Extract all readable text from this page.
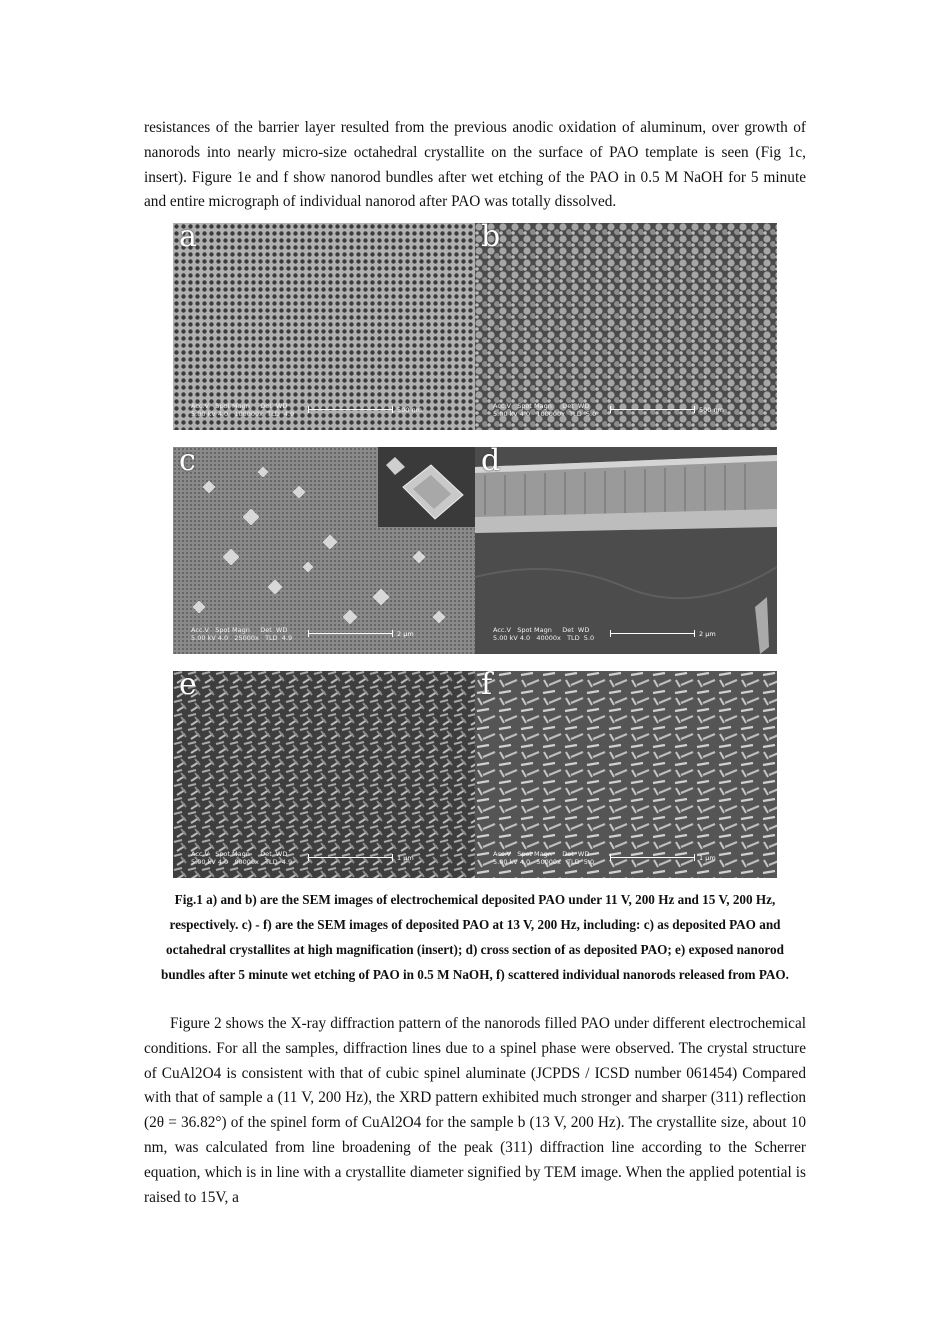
resistances of the barrier layer resulted from the previous anodic oxidation of aluminum, over growth of nanorods into nearly micro-size octahedral crystallite on the surface of PAO template is seen (Fig 1c, insert). Figure 1e and f show nanorod bundles after wet etching of the PAO in 0.5 M NaOH for 5 minute and entire micrograph of individual nanorod after PAO was totally dissolved.

a
Acc.V   Spot Magn     Det  WD
5.00 kV 4.0   100000x  TLD  4.9	500 nm
b
Acc.V   Spot Magn     Det  WD
5.00 kV 4.0   100000x  TLD  5.0	500 nm
c
Acc.V   Spot Magn     Det  WD
5.00 kV 4.0   25000x   TLD  4.9	2 μm
d
Acc.V   Spot Magn     Det  WD
5.00 kV 4.0   40000x   TLD  5.0	2 μm
e
Acc.V   Spot Magn     Det  WD
5.00 kV 4.0   80000x   TLD  4.9	1 μm
f
Acc.V   Spot Magn     Det  WD
5.00 kV 4.0   50000x   TLD  5.0	1 μm

Fig.1 a) and b) are the SEM images of electrochemical deposited PAO under 11 V, 200 Hz and 15 V, 200 Hz, respectively. c) - f) are the SEM images of deposited PAO at 13 V, 200 Hz, including: c) as deposited PAO and octahedral crystallites at high magnification (insert); d) cross section of as deposited PAO; e) exposed nanorod bundles after 5 minute wet etching of PAO in 0.5 M NaOH, f) scattered individual nanorods released from PAO.

Figure 2 shows the X-ray diffraction pattern of the nanorods filled PAO under different electrochemical conditions. For all the samples, diffraction lines due to a spinel phase were observed. The crystal structure of CuAl2O4 is consistent with that of cubic spinel aluminate (JCPDS / ICSD number 061454) Compared with that of sample a (11 V, 200 Hz), the XRD pattern exhibited much stronger and sharper (311) reflection (2θ = 36.82°) of the spinel form of CuAl2O4 for the sample b (13 V, 200 Hz). The crystallite size, about 10 nm, was calculated from line broadening of the peak (311) diffraction line according to the Scherrer equation, which is in line with a crystallite diameter signified by TEM image. When the applied potential is raised to 15V, a
